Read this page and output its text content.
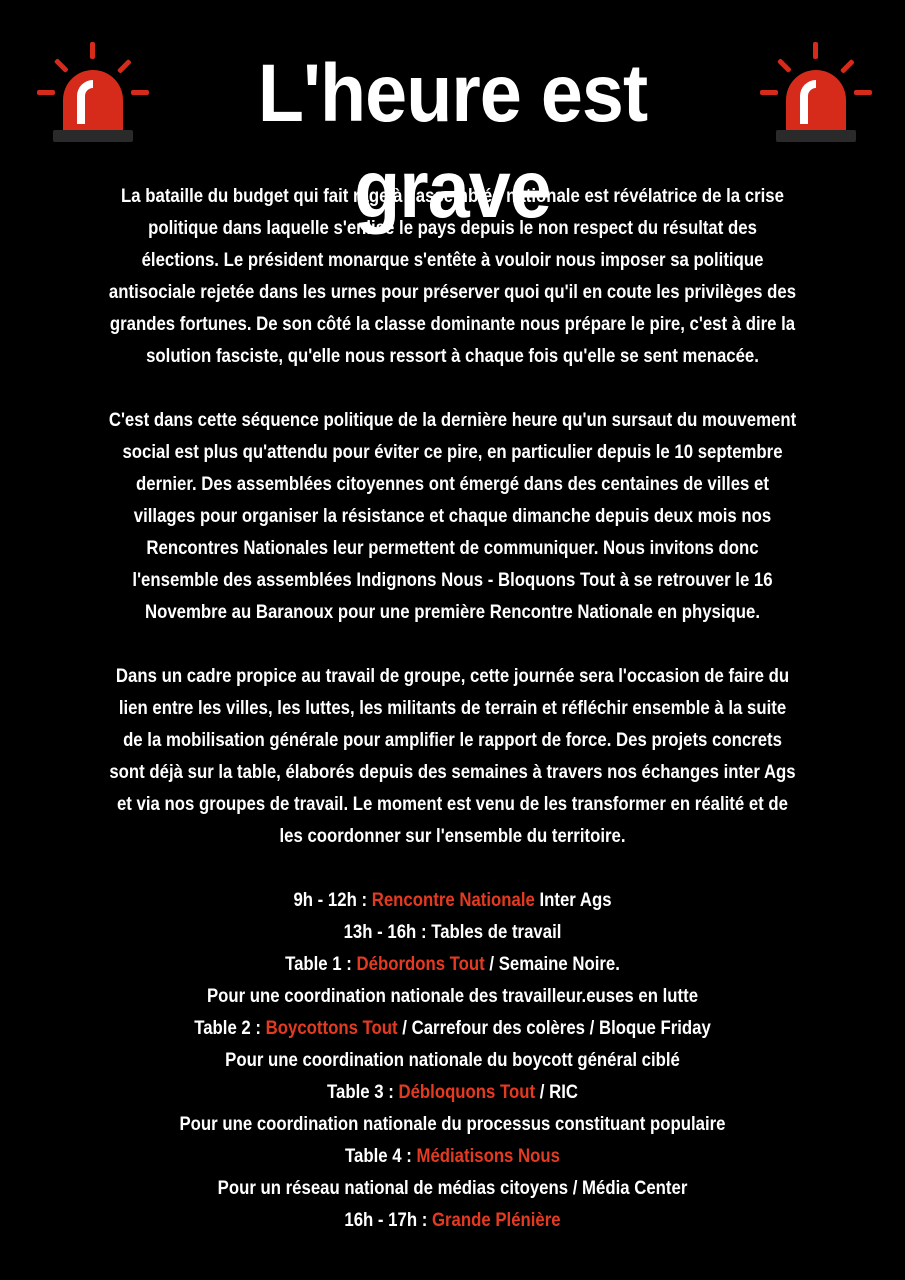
L'heure est grave
La bataille du budget qui fait rage à l'assemblée nationale est révélatrice de la crise
politique dans laquelle s'enlise le pays depuis le non respect du résultat des
élections. Le président monarque s'entête à vouloir nous imposer sa politique
antisociale rejetée dans les urnes pour préserver quoi qu'il en coute les privilèges des
grandes fortunes. De son côté la classe dominante nous prépare le pire, c'est à dire la
solution fasciste, qu'elle nous ressort à chaque fois qu'elle se sent menacée.
C'est dans cette séquence politique de la dernière heure qu'un sursaut du mouvement
social est plus qu'attendu pour éviter ce pire, en particulier depuis le 10 septembre
dernier. Des assemblées citoyennes ont émergé dans des centaines de villes et
villages pour organiser la résistance et chaque dimanche depuis deux mois nos
Rencontres Nationales leur permettent de communiquer. Nous invitons donc
l'ensemble des assemblées Indignons Nous - Bloquons Tout à se retrouver le 16
Novembre au Baranoux pour une première Rencontre Nationale en physique.
Dans un cadre propice au travail de groupe, cette journée sera l'occasion de faire du
lien entre les villes, les luttes, les militants de terrain et réfléchir ensemble à la suite
de la mobilisation générale pour amplifier le rapport de force. Des projets concrets
sont déjà sur la table, élaborés depuis des semaines à travers nos échanges inter Ags
et via nos groupes de travail. Le moment est venu de les transformer en réalité et de
les coordonner sur l'ensemble du territoire.
9h - 12h : Rencontre Nationale Inter Ags
13h - 16h : Tables de travail
Table 1 : Débordons Tout / Semaine Noire.
Pour une coordination nationale des travailleur.euses en lutte
Table 2 : Boycottons Tout / Carrefour des colères / Bloque Friday
Pour une coordination nationale du boycott général ciblé
Table 3 : Débloquons Tout / RIC
Pour une coordination nationale du processus constituant populaire
Table 4 : Médiatisons Nous
Pour un réseau national de médias citoyens / Média Center
16h - 17h : Grande Plénière
